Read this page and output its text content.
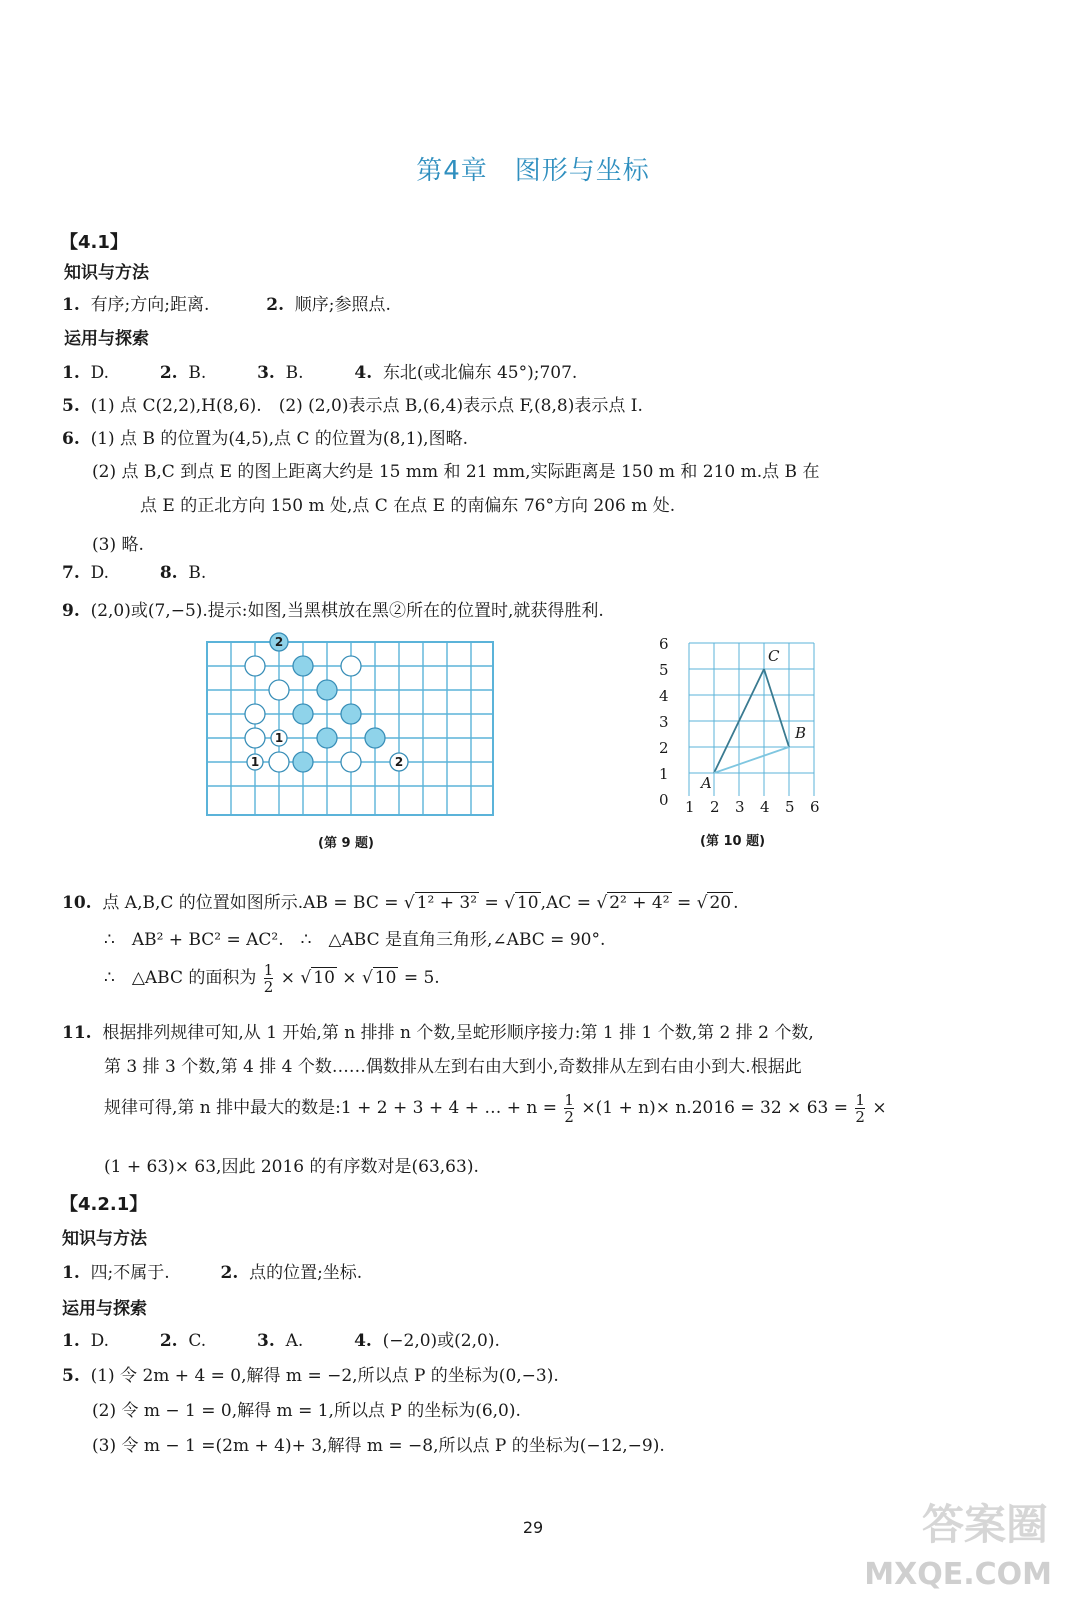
第4章　图形与坐标
【4.1】
知识与方法
1. 有序;方向;距离.	2. 顺序;参照点.
运用与探索
1. D.	2. B.	3. B.	4. 东北(或北偏东 45°);707.
5. (1) 点 C(2,2),H(8,6).　(2) (2,0)表示点 B,(6,4)表示点 F,(8,8)表示点 I.
6. (1) 点 B 的位置为(4,5),点 C 的位置为(8,1),图略.
(2) 点 B,C 到点 E 的图上距离大约是 15 mm 和 21 mm,实际距离是 150 m 和 210 m.点 B 在
点 E 的正北方向 150 m 处,点 C 在点 E 的南偏东 76°方向 206 m 处.
(3) 略.
7. D.	8. B.
9. (2,0)或(7,−5).提示:如图,当黑棋放在黑②所在的位置时,就获得胜利.
2
1
1	2
(第 9 题)
6
5
4
3
2
1
0 1 2 3 4 5 6
A
B
C
(第 10 题)
10. 点 A,B,C 的位置如图所示.AB = BC = √ 1² + 3² = √ 10 ,AC = √ 2² + 4² = √ 20 .
∴　AB² + BC² = AC².　∴　△ABC 是直角三角形,∠ABC = 90°.
∴　△ABC 的面积为 $\frac{1}{2}$ × √ 10 × √ 10 = 5.
11. 根据排列规律可知,从 1 开始,第 n 排排 n 个数,呈蛇形顺序接力:第 1 排 1 个数,第 2 排 2 个数,
第 3 排 3 个数,第 4 排 4 个数……偶数排从左到右由大到小,奇数排从左到右由小到大.根据此
规律可得,第 n 排中最大的数是:1 + 2 + 3 + 4 + … + $n = \frac{1}{2} \times(1 + n)\times n.2016 = 32 \times 63 = \frac{1}{2}$ ×
(1 + 63)× 63,因此 2016 的有序数对是(63,63).
【4.2.1】
知识与方法
1. 四;不属于.	2. 点的位置;坐标.
运用与探索
1. D.	2. C.	3. A.	4. (−2,0)或(2,0).
5. (1) 令 2m + 4 = 0,解得 m = −2,所以点 P 的坐标为(0,−3).
(2) 令 m − 1 = 0,解得 m = 1,所以点 P 的坐标为(6,0).
(3) 令 m − 1 =(2m + 4)+ 3,解得 m = −8,所以点 P 的坐标为(−12,−9).
29	答案圈
MXQE.COM
